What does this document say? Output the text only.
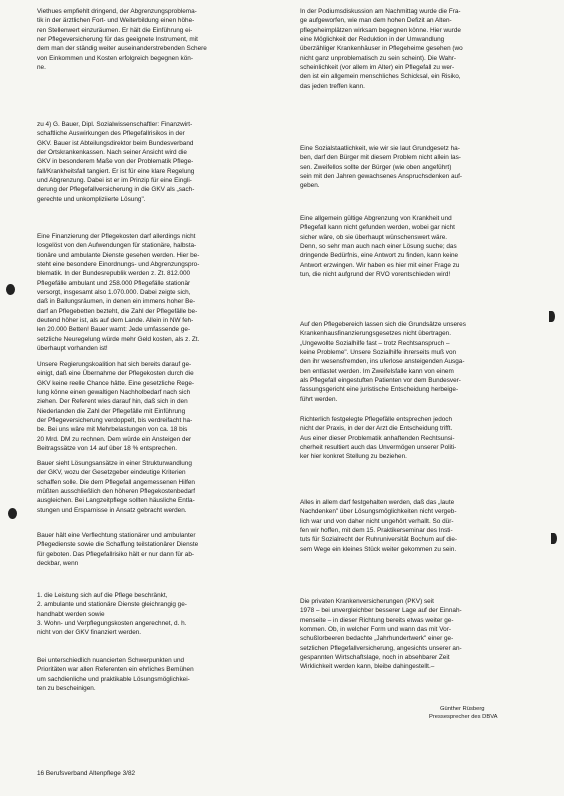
Viethues empfiehlt dringend, der Abgrenzungsproblema-
tik in der ärztlichen Fort- und Weiterbildung einen höhe-
ren Stellenwert einzuräumen. Er hält die Einführung ei-
ner Pflegeversicherung für das geeignete Instrument, mit
dem man der ständig weiter auseinanderstrebenden Schere
von Einkommen und Kosten erfolgreich begegnen kön-
ne.
zu 4) G. Bauer, Dipl. Sozialwissenschaftler: Finanzwirt-
schaftliche Auswirkungen des Pflegefallrisikos in der
GKV. Bauer ist Abteilungsdirektor beim Bundesverband
der Ortskrankenkassen. Nach seiner Ansicht wird die
GKV in besonderem Maße von der Problematik Pflege-
fall/Krankheitsfall tangiert. Er ist für eine klare Regelung
und Abgrenzung. Dabei ist er im Prinzip für eine Eingli-
derung der Pflegefallversicherung in die GKV als „sach-
gerechte und unkompliziierte Lösung".
Eine Finanzierung der Pflegekosten darf allerdings nicht
losgelöst von den Aufwendungen für stationäre, halbsta-
tionäre und ambulante Dienste gesehen werden. Hier be-
steht eine besondere Einordnungs- und Abgrenzungspro-
blematik. In der Bundesrepublik werden z. Zt. 812.000
Pflegefälle ambulant und 258.000 Pflegefälle stationär
versorgt, insgesamt also 1.070.000. Dabei zeigte sich,
daß in Ballungsräumen, in denen ein immens hoher Be-
darf an Pflegebetten bezteht, die Zahl der Pflegefälle be-
deutend höher ist, als auf dem Lande. Allein in NW feh-
len 20.000 Betten! Bauer warnt: Jede umfassende ge-
setzliche Neuregelung würde mehr Geld kosten, als z. Zt.
überhaupt vorhanden ist!
Unsere Regierungskoalition hat sich bereits darauf ge-
einigt, daß eine Übernahme der Pflegekosten durch die
GKV keine reelle Chance hätte. Eine gesetzliche Rege-
lung könne einen gewaltigen Nachholbedarf nach sich
ziehen. Der Referent wies darauf hin, daß sich in den
Niederlanden die Zahl der Pflegefälle mit Einführung
der Pflegeversicherung verdoppelt, bis verdreifacht ha-
be. Bei uns wäre mit Mehrbelastungen von ca. 18 bis
20 Mrd. DM zu rechnen. Dem würde ein Ansteigen der
Beitragssätze von 14 auf über 18 % entsprechen.
Bauer sieht Lösungsansätze in einer Strukturwandlung
der GKV, wozu der Gesetzgeber eindeutige Kriterien
schaffen solle. Die dem Pflegefall angemessenen Hilfen
müßten ausschließlich den höheren Pflegekostenbedarf
ausgleichen. Bei Langzeitpflege sollten häusliche Entla-
stungen und Ersparnisse in Ansatz gebracht werden.
Bauer hält eine Verflechtung stationärer und ambulanter
Pflegedienste sowie die Schaffung teilstationärer Dienste
für geboten. Das Pflegefallrisiko hält er nur dann für ab-
deckbar, wenn
1. die Leistung sich auf die Pflege beschränkt,
2. ambulante und stationäre Dienste gleichrangig ge-
handhabt werden sowie
3. Wohn- und Verpflegungskosten angerechnet, d. h.
nicht von der GKV finanziert werden.
Bei unterschiedlich nuancierten Schwerpunkten und
Prioritäten war allen Referenten ein ehrliches Bemühen
um sachdienliche und praktikable Lösungsmöglichkei-
ten zu bescheinigen.
In der Podiumsdiskussion am Nachmittag wurde die Fra-
ge aufgeworfen, wie man dem hohen Defizit an Alten-
pflegeheimplätzen wirksam begegnen könne. Hier wurde
eine Möglichkeit der Reduktion in der Umwandlung
überzähliger Krankenhäuser in Pflegeheime gesehen (wo
nicht ganz unproblematisch zu sein scheint). Die Wahr-
scheinlichkeit (vor allem im Alter) ein Pflegefall zu wer-
den ist ein allgemein menschliches Schicksal, ein Risiko,
das jeden treffen kann.
Eine Sozialstaatlichkeit, wie wir sie laut Grundgesetz ha-
ben, darf den Bürger mit diesem Problem nicht allein las-
sen. Zweifellos sollte der Bürger (wie oben angeführt)
sein mit den Jahren gewachsenes Anspruchsdenken auf-
geben.
Eine allgemein gültige Abgrenzung von Krankheit und
Pflegefall kann nicht gefunden werden, wobei gar nicht
sicher wäre, ob sie überhaupt wünschenswert wäre.
Denn, so sehr man auch nach einer Lösung suche; das
dringende Bedürfnis, eine Antwort zu finden, kann keine
Antwort erzwingen. Wir haben es hier mit einer Frage zu
tun, die nicht aufgrund der RVO vorentschieden wird!
Auf den Pflegebereich lassen sich die Grundsätze unseres
Krankenhausfinanzierungsgesetzes nicht übertragen.
„Ungewollte Sozialhilfe fast – trotz Rechtsanspruch –
keine Probleme". Unsere Sozialhilfe ihrerseits muß von
den ihr wesensfremden, ins uferlose ansteigenden Ausga-
ben entlastet werden. Im Zweifelsfalle kann von einem
als Pflegefall eingestuften Patienten vor dem Bundesver-
fassungsgericht eine juristische Entscheidung herbeige-
führt werden.
Richterlich festgelegte Pflegefälle entsprechen jedoch
nicht der Praxis, in der der Arzt die Entscheidung trifft.
Aus einer dieser Problematik anhaftenden Rechtsunsi-
cherheit resultiert auch das Unvermögen unserer Politi-
ker hier konkret Stellung zu beziehen.
Alles in allem darf festgehalten werden, daß das „laute
Nachdenken" über Lösungsmöglichkeiten nicht vergeb-
lich war und von daher nicht ungehört verhallt. So dür-
fen wir hoffen, mit dem 15. Praktikerseminar des Insti-
tuts für Sozialrecht der Ruhruniversität Bochum auf die-
sem Wege ein kleines Stück weiter gekommen zu sein.
Die privaten Krankenversicherungen (PKV) seit
1978 – bei unvergleichber besserer Lage auf der Einnah-
menseite – in dieser Richtung bereits etwas weiter ge-
kommen. Ob, in welcher Form und wann das mit Vor-
schußlorbeeren bedachte „Jahrhundertwerk" einer ge-
setzlichen Pflegefallversicherung, angesichts unserer an-
gespannten Wirtschaftslage, noch in absehbarer Zeit
Wirklichkeit werden kann, bleibe dahingestellt.–
Günther Rüsberg
Pressesprecher des DBVA
16 Berufsverband Altenpflege 3/82
